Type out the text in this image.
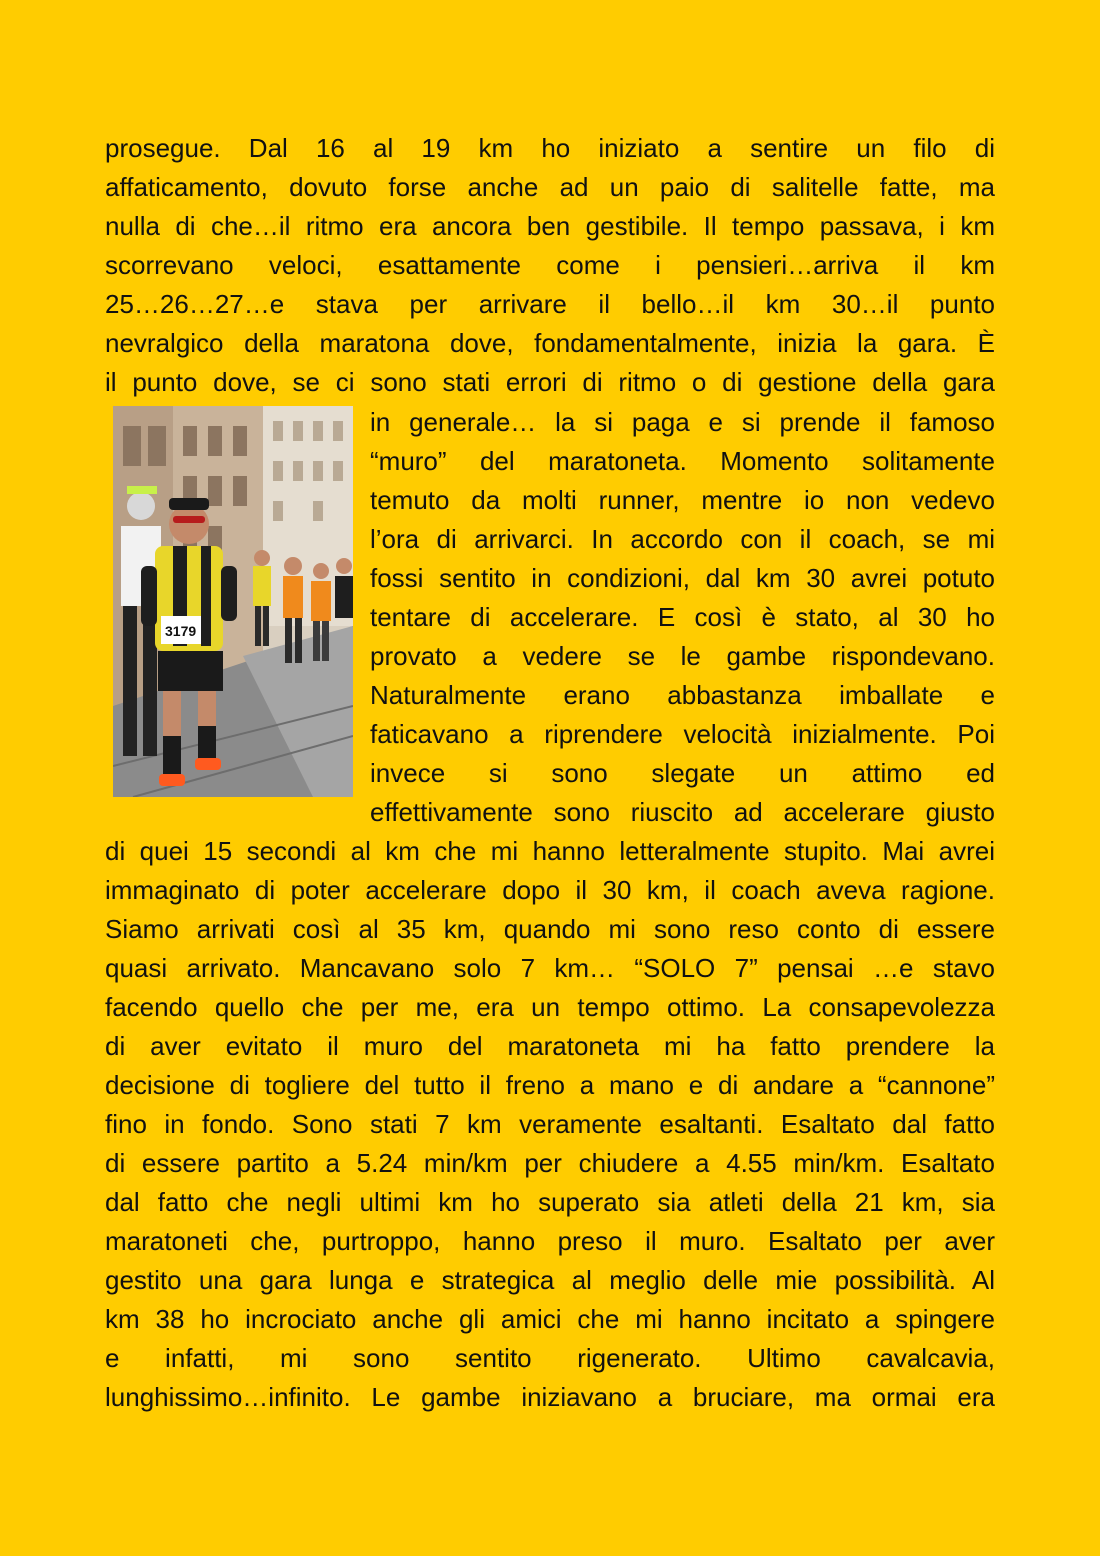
prosegue. Dal 16 al 19 km ho iniziato a sentire un filo di
affaticamento, dovuto forse anche ad un paio di salitelle fatte, ma
nulla di che…il ritmo era ancora ben gestibile. Il tempo passava, i km
scorrevano veloci, esattamente come i pensieri…arriva il km
25…26…27…e stava per arrivare il bello…il km 30…il punto
nevralgico della maratona dove, fondamentalmente, inizia la gara. È
il punto dove, se ci sono stati errori di ritmo o di gestione della gara
3179
in generale… la si paga e si prende il famoso
“muro” del maratoneta. Momento solitamente
temuto da molti runner, mentre io non vedevo
l’ora di arrivarci. In accordo con il coach, se mi
fossi sentito in condizioni, dal km 30 avrei potuto
tentare di accelerare. E così è stato, al 30 ho
provato a vedere se le gambe rispondevano.
Naturalmente erano abbastanza imballate e
faticavano a riprendere velocità inizialmente. Poi
invece si sono slegate un attimo ed
effettivamente sono riuscito ad accelerare giusto
di quei 15 secondi al km che mi hanno letteralmente stupito. Mai avrei
immaginato di poter accelerare dopo il 30 km, il coach aveva ragione.
Siamo arrivati così al 35 km, quando mi sono reso conto di essere
quasi arrivato. Mancavano solo 7 km… “SOLO 7” pensai …e stavo
facendo quello che per me, era un tempo ottimo. La consapevolezza
di aver evitato il muro del maratoneta mi ha fatto prendere la
decisione di togliere del tutto il freno a mano e di andare a “cannone”
fino in fondo. Sono stati 7 km veramente esaltanti. Esaltato dal fatto
di essere partito a 5.24 min/km per chiudere a 4.55 min/km. Esaltato
dal fatto che negli ultimi km ho superato sia atleti della 21 km, sia
maratoneti che, purtroppo, hanno preso il muro. Esaltato per aver
gestito una gara lunga e strategica al meglio delle mie possibilità. Al
km 38 ho incrociato anche gli amici che mi hanno incitato a spingere
e infatti, mi sono sentito rigenerato. Ultimo cavalcavia,
lunghissimo…infinito. Le gambe iniziavano a bruciare, ma ormai era
